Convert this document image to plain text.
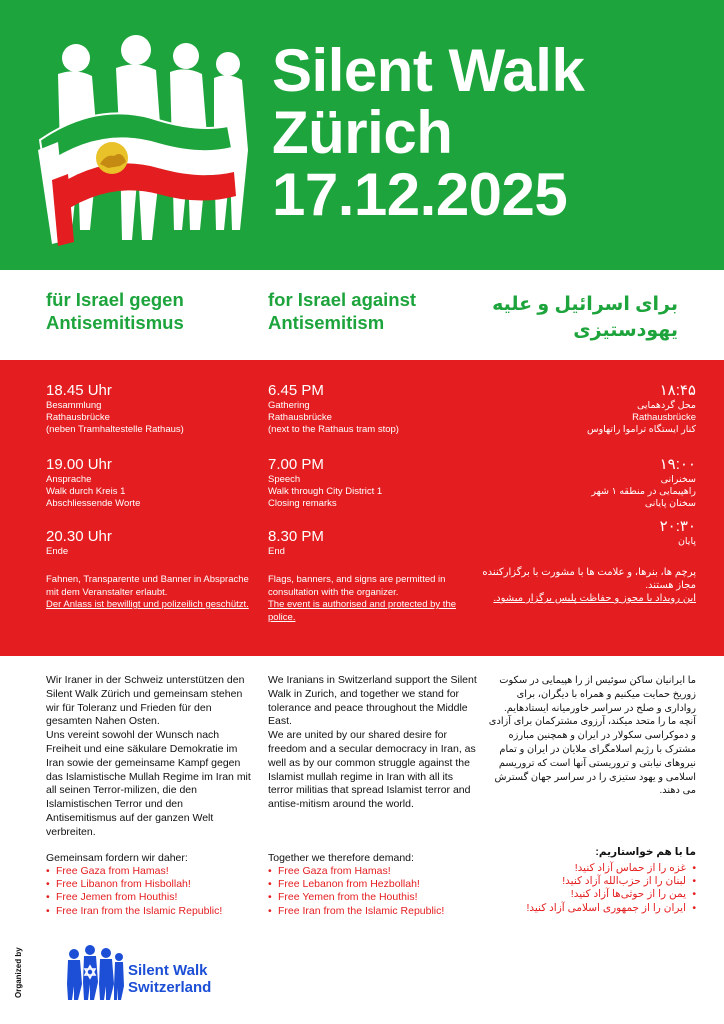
Silent Walk
Zürich
17.12.2025
für Israel gegen Antisemitismus
for Israel against Antisemitism
برای اسرائیل و علیه یهودستیزی
18.45 Uhr
Besammlung
Rathausbrücke
(neben Tramhaltestelle Rathaus)
19.00 Uhr
Ansprache
Walk durch Kreis 1
Abschliessende Worte
20.30 Uhr
Ende
Fahnen, Transparente und Banner in Absprache mit dem Veranstalter erlaubt.
Der Anlass ist bewilligt und polizeilich geschützt.
6.45 PM
Gathering
Rathausbrücke
(next to the Rathaus tram stop)
7.00 PM
Speech
Walk through City District 1
Closing remarks
8.30 PM
End
Flags, banners, and signs are permitted in consultation with the organizer.
The event is authorised and protected by the police.
۱۸:۴۵
محل گردهمایی
Rathausbrücke
کنار ایستگاه تراموا راتهاوس
۱۹:۰۰
سخنرانی
راهپیمایی در منطقه ۱ شهر
سخنان پایانی
۲۰:۳۰
پایان
پرچم ها، بنرها، و علامت ها با مشورت با برگزارکننده مجاز هستند.
این رویداد با مجوز و حفاظت پلیس برگزار میشود.
Wir Iraner in der Schweiz unterstützen den Silent Walk Zürich und gemeinsam stehen wir für Toleranz und Frieden für den gesamten Nahen Osten.
Uns vereint sowohl der Wunsch nach Freiheit und eine säkulare Demokratie im Iran sowie der gemeinsame Kampf gegen das Islamistische Mullah Regime im Iran mit all seinen Terror-milizen, die den Islamistischen Terror und den Antisemitismus auf der ganzen Welt verbreiten.
We Iranians in Switzerland support the Silent Walk in Zurich, and together we stand for tolerance and peace throughout the Middle East.
We are united by our shared desire for freedom and a secular democracy in Iran, as well as by our common struggle against the Islamist mullah regime in Iran with all its terror militias that spread Islamist terror and antise-mitism around the world.
ما ایرانیان ساکن سوئیس از را هپیمایی در سکوت زوریخ حمایت میکنیم و همراه با دیگران، برای رواداری و صلح در سراسر خاورمیانه ایستادهایم.
آنچه ما را متحد میکند، آرزوی مشترکمان برای آزادی و دموکراسی سکولار در ایران و همچنین مبارزه مشترک با رژیم اسلامگرای ملایان در ایران و تمام نیروهای نیابتی و تروریستی آنها است که تروریسم اسلامی و یهود ستیزی را در سراسر جهان گسترش می دهند.
Gemeinsam fordern wir daher:
• Free Gaza from Hamas!
• Free Libanon from Hisbollah!
• Free Jemen from Houthis!
• Free Iran from the Islamic Republic!
Together we therefore demand:
• Free Gaza from Hamas!
• Free Lebanon from Hezbollah!
• Free Yemen from the Houthis!
• Free Iran from the Islamic Republic!
ما با هم خواستاریم:
• غزه را از حماس آزاد کنید!
• لبنان را از حزب‌الله آزاد کنید!
• یمن را از حوثی‌ها آزاد کنید!
• ایران را از جمهوری اسلامی آزاد کنید!
Organized by	Silent Walk
Switzerland
